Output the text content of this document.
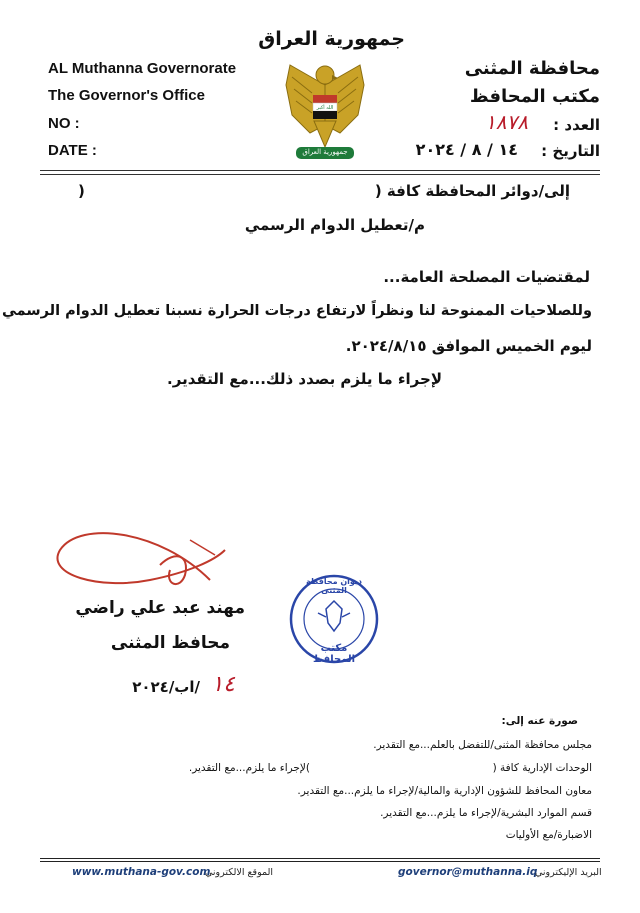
جمهورية العراق
AL Muthanna Governorate
The Governor's Office
NO :
DATE :
محافظة المثنى
مكتب المحافظ
العدد :
١٨٧٨
التاريخ :
١٤ / ٨ / ٢٠٢٤
الله أكبر
جمهورية العراق
إلى/دوائر المحافظة كافة (
)
م/تعطيل الدوام الرسمي
لمقتضيات المصلحة العامة...
وللصلاحيات الممنوحة لنا ونظراً لارتفاع درجات الحرارة نسبنا تعطيل الدوام الرسمي
ليوم الخميس الموافق ٢٠٢٤/٨/١٥.
لإجراء ما يلزم بصدد ذلك...مع التقدير.
مهند عبد علي راضي
محافظ المثنى
١٤
/اب/٢٠٢٤
ديوان محافظة المثنى
مكتب المحافظ
صورة عنه إلى:
مجلس محافظة المثنى/للتفضل بالعلم...مع التقدير.
الوحدات الإدارية كافة (
)لإجراء ما يلزم...مع التقدير.
معاون المحافظ للشؤون الإدارية والمالية/لإجراء ما يلزم...مع التقدير.
قسم الموارد البشرية/لإجراء ما يلزم...مع التقدير.
الاضبارة/مع الأوليات
www.muthana-gov.com
الموقع الالكتروني	governor@muthanna.iq
البريد الإليكتروني
